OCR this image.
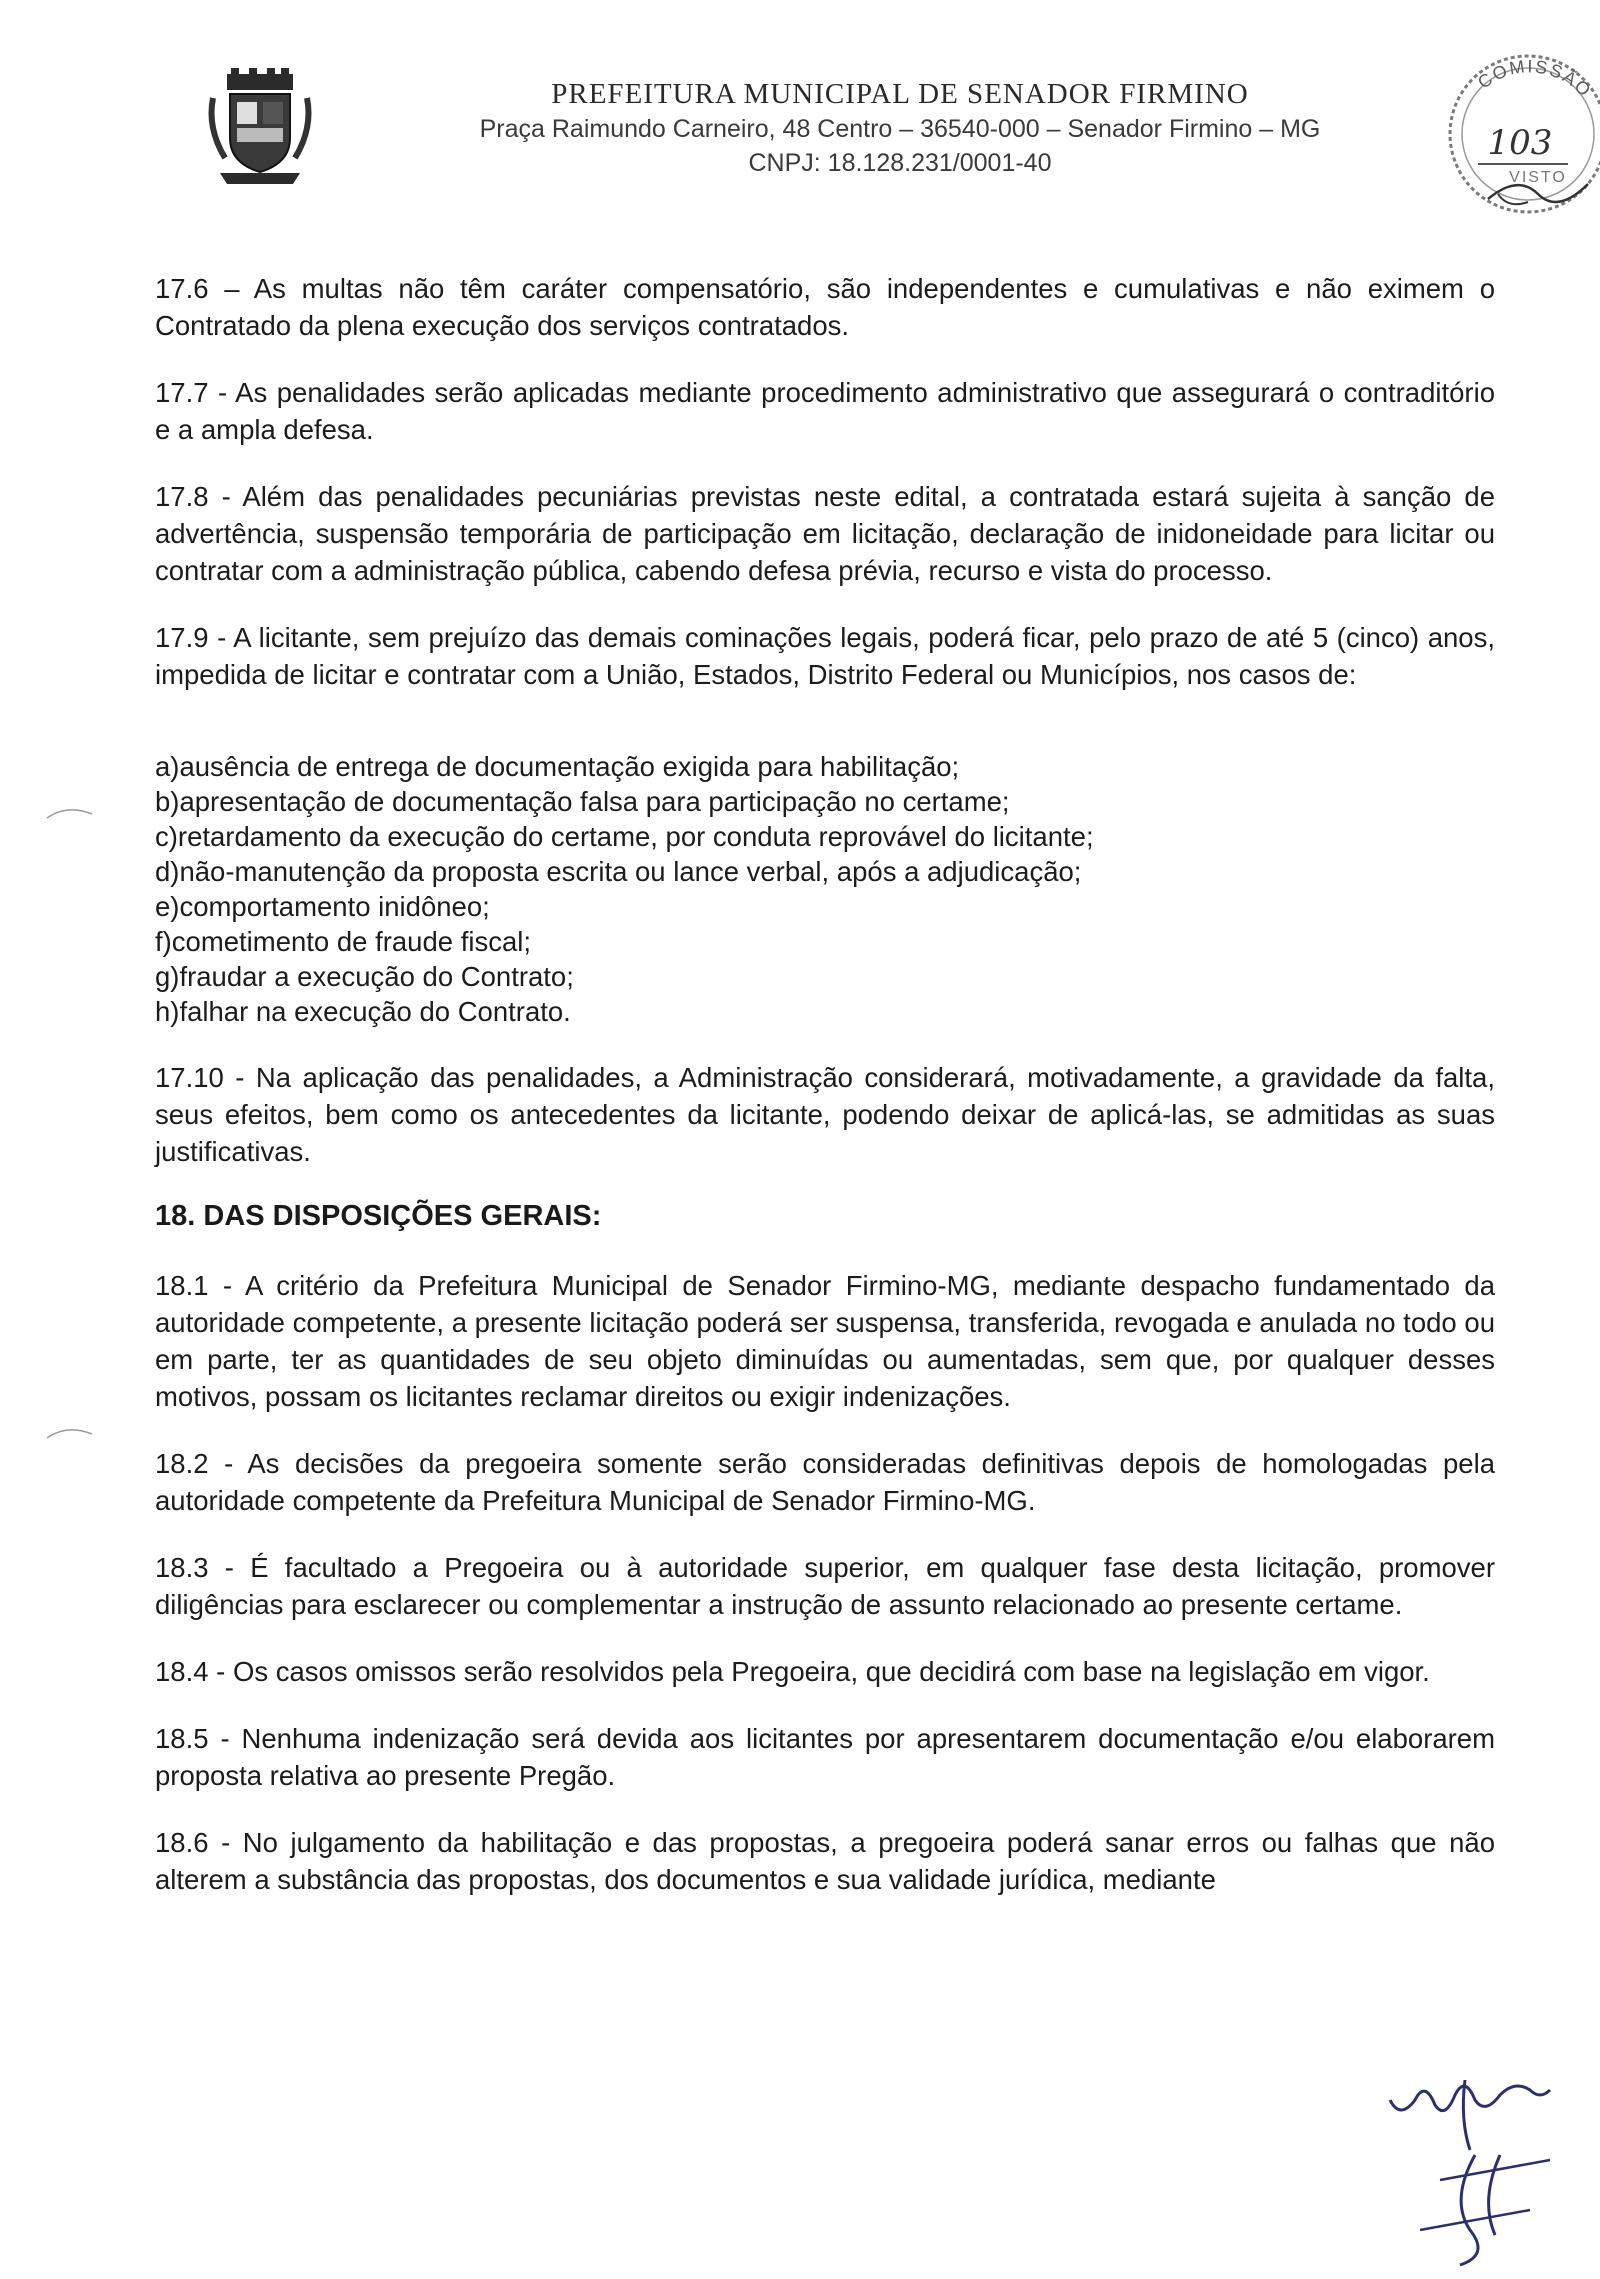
PREFEITURA MUNICIPAL DE SENADOR FIRMINO
Praça Raimundo Carneiro, 48 Centro – 36540-000 – Senador Firmino – MG
CNPJ: 18.128.231/0001-40
COMISSÃO
103
VISTO

17.6 – As multas não têm caráter compensatório, são independentes e cumulativas e não eximem o Contratado da plena execução dos serviços contratados.

17.7 - As penalidades serão aplicadas mediante procedimento administrativo que assegurará o contraditório e a ampla defesa.

17.8 - Além das penalidades pecuniárias previstas neste edital, a contratada estará sujeita à sanção de advertência, suspensão temporária de participação em licitação, declaração de inidoneidade para licitar ou contratar com a administração pública, cabendo defesa prévia, recurso e vista do processo.

17.9 - A licitante, sem prejuízo das demais cominações legais, poderá ficar, pelo prazo de até 5 (cinco) anos, impedida de licitar e contratar com a União, Estados, Distrito Federal ou Municípios, nos casos de:

a)ausência de entrega de documentação exigida para habilitação;
b)apresentação de documentação falsa para participação no certame;
c)retardamento da execução do certame, por conduta reprovável do licitante;
d)não-manutenção da proposta escrita ou lance verbal, após a adjudicação;
e)comportamento inidôneo;
f)cometimento de fraude fiscal;
g)fraudar a execução do Contrato;
h)falhar na execução do Contrato.

17.10 - Na aplicação das penalidades, a Administração considerará, motivadamente, a gravidade da falta, seus efeitos, bem como os antecedentes da licitante, podendo deixar de aplicá-las, se admitidas as suas justificativas.

18. DAS DISPOSIÇÕES GERAIS:

18.1 - A critério da Prefeitura Municipal de Senador Firmino-MG, mediante despacho fundamentado da autoridade competente, a presente licitação poderá ser suspensa, transferida, revogada e anulada no todo ou em parte, ter as quantidades de seu objeto diminuídas ou aumentadas, sem que, por qualquer desses motivos, possam os licitantes reclamar direitos ou exigir indenizações.

18.2 - As decisões da pregoeira somente serão consideradas definitivas depois de homologadas pela autoridade competente da Prefeitura Municipal de Senador Firmino-MG.

18.3 - É facultado a Pregoeira ou à autoridade superior, em qualquer fase desta licitação, promover diligências para esclarecer ou complementar a instrução de assunto relacionado ao presente certame.

18.4 - Os casos omissos serão resolvidos pela Pregoeira, que decidirá com base na legislação em vigor.

18.5 - Nenhuma indenização será devida aos licitantes por apresentarem documentação e/ou elaborarem proposta relativa ao presente Pregão.

18.6 - No julgamento da habilitação e das propostas, a pregoeira poderá sanar erros ou falhas que não alterem a substância das propostas, dos documentos e sua validade jurídica, mediante
